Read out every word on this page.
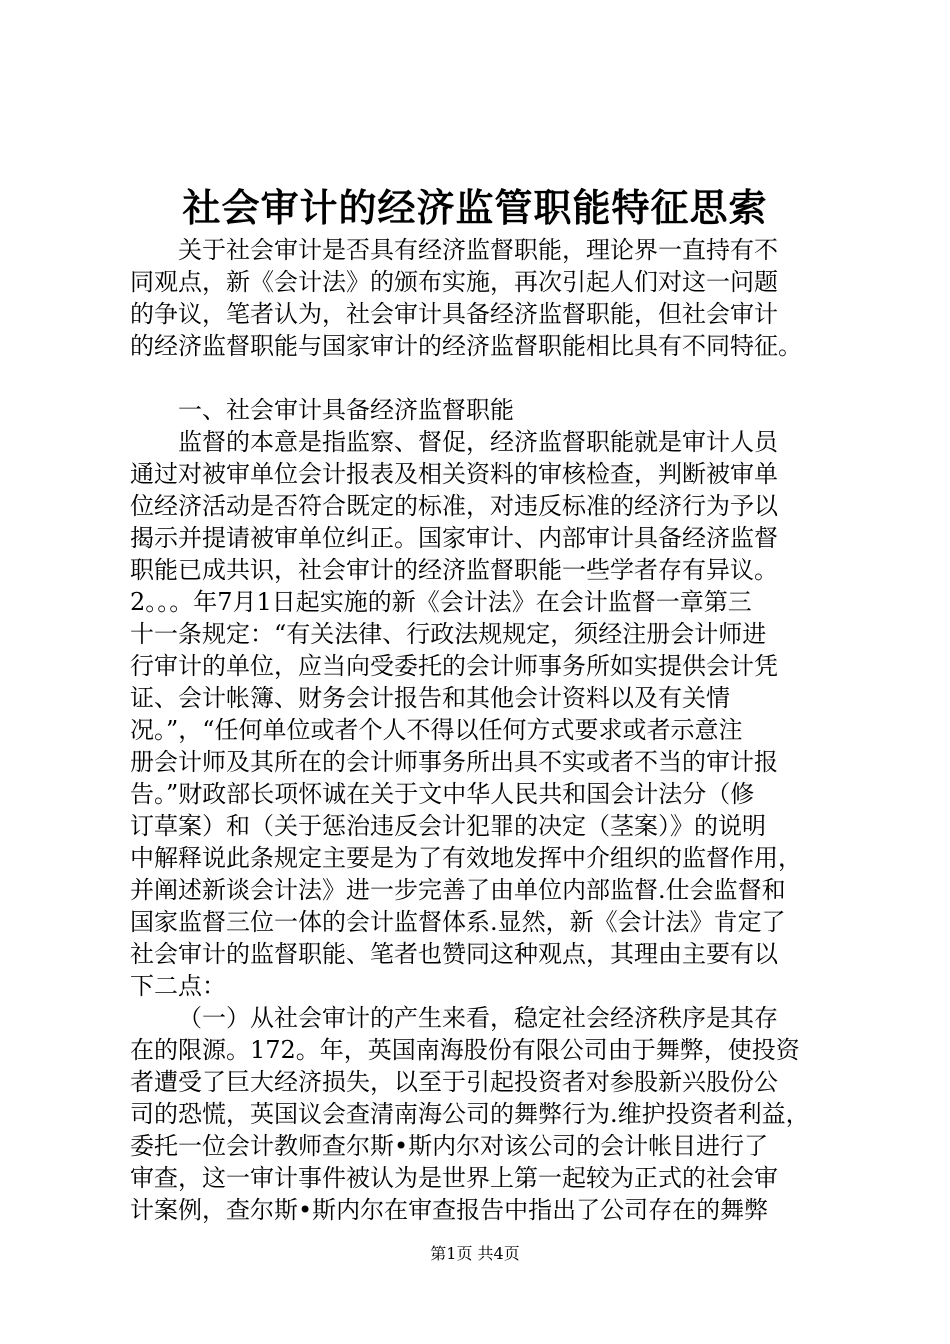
社会审计的经济监管职能特征思索
关于社会审计是否具有经济监督职能，理论界一直持有不
同观点，新《会计法》的颁布实施，再次引起人们对这一问题
的争议，笔者认为，社会审计具备经济监督职能，但社会审计
的经济监督职能与国家审计的经济监督职能相比具有不同特征。
一、社会审计具备经济监督职能
监督的本意是指监察、督促，经济监督职能就是审计人员
通过对被审单位会计报表及相关资料的审核检查，判断被审单
位经济活动是否符合既定的标准，对违反标准的经济行为予以
揭示并提请被审单位纠正。国家审计、内部审计具备经济监督
职能已成共识，社会审计的经济监督职能一些学者存有异议。
2。。。年7月1日起实施的新《会计法》在会计监督一章第三
十一条规定：“有关法律、行政法规规定，须经注册会计师进
行审计的单位，应当向受委托的会计师事务所如实提供会计凭
证、会计帐簿、财务会计报告和其他会计资料以及有关情
况。”，“任何单位或者个人不得以任何方式要求或者示意注
册会计师及其所在的会计师事务所出具不实或者不当的审计报
告。”财政部长项怀诚在关于文中华人民共和国会计法分（修
订草案）和（关于惩治违反会计犯罪的决定（茎案）》的说明
中解释说此条规定主要是为了有效地发挥中介组织的监督作用，
并阐述新谈会计法》进一步完善了由单位内部监督.仕会监督和
国家监督三位一体的会计监督体系.显然，新《会计法》肯定了
社会审计的监督职能、笔者也赞同这种观点，其理由主要有以
下二点：
（一）从社会审计的产生来看，稳定社会经济秩序是其存
在的限源。172。年，英国南海股份有限公司由于舞弊，使投资
者遭受了巨大经济损失，以至于引起投资者对参股新兴股份公
司的恐慌，英国议会查清南海公司的舞弊行为.维护投资者利益，
委托一位会计教师查尔斯•斯内尔对该公司的会计帐目进行了
审查，这一审计事件被认为是世界上第一起较为正式的社会审
计案例，查尔斯•斯内尔在审查报告中指出了公司存在的舞弊
第1页 共4页
